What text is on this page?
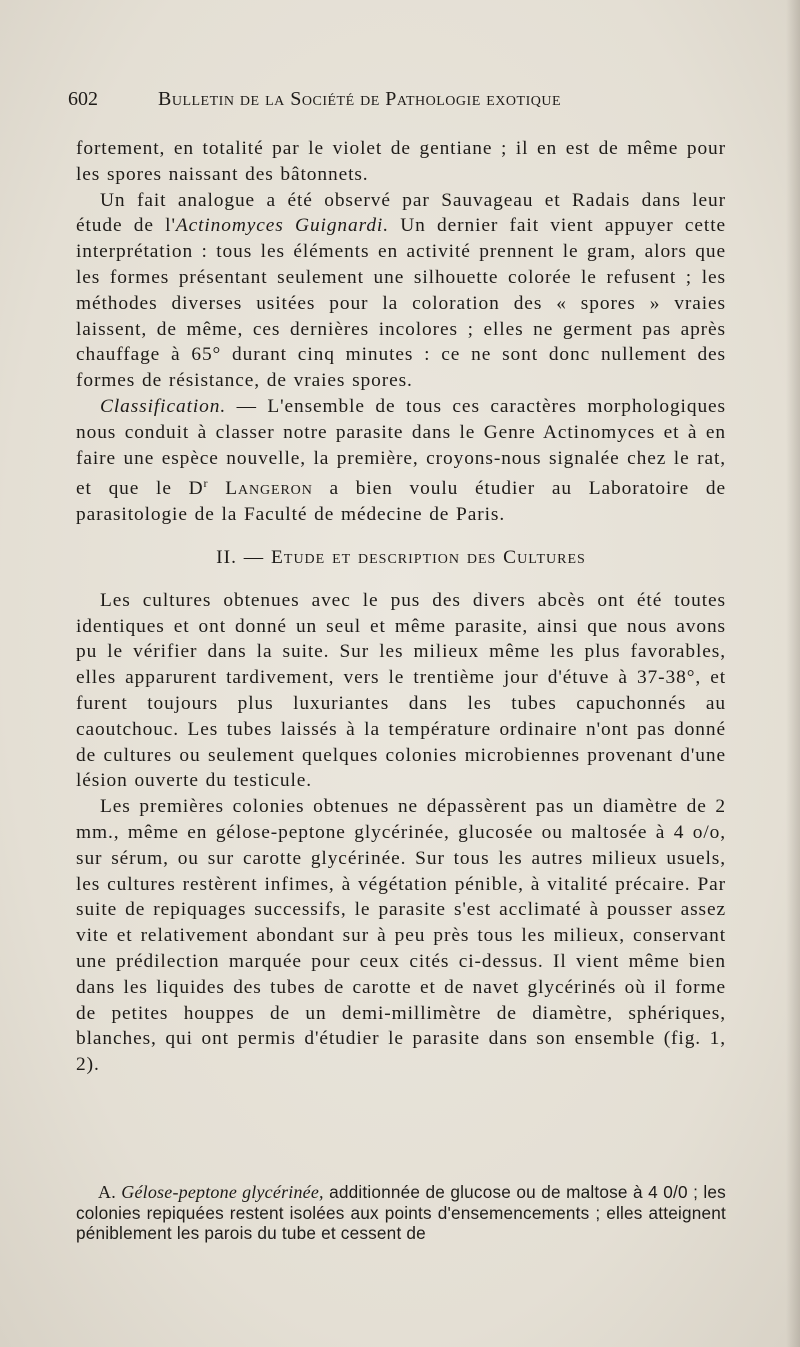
602	Bulletin de la Société de Pathologie exotique

fortement, en totalité par le violet de gentiane ; il en est de même pour les spores naissant des bâtonnets.

Un fait analogue a été observé par Sauvageau et Radais dans leur étude de l'Actinomyces Guignardi. Un dernier fait vient appuyer cette interprétation : tous les éléments en activité prennent le gram, alors que les formes présentant seulement une silhouette colorée le refusent ; les méthodes diverses usitées pour la coloration des « spores » vraies laissent, de même, ces dernières incolores ; elles ne germent pas après chauffage à 65° durant cinq minutes : ce ne sont donc nullement des formes de résistance, de vraies spores.

Classification. — L'ensemble de tous ces caractères morphologiques nous conduit à classer notre parasite dans le Genre Actinomyces et à en faire une espèce nouvelle, la première, croyons-nous signalée chez le rat, et que le $D^r$ Langeron a bien voulu étudier au Laboratoire de parasitologie de la Faculté de médecine de Paris.

II. — Etude et description des Cultures

Les cultures obtenues avec le pus des divers abcès ont été toutes identiques et ont donné un seul et même parasite, ainsi que nous avons pu le vérifier dans la suite. Sur les milieux même les plus favorables, elles apparurent tardivement, vers le trentième jour d'étuve à 37-38°, et furent toujours plus luxuriantes dans les tubes capuchonnés au caoutchouc. Les tubes laissés à la température ordinaire n'ont pas donné de cultures ou seulement quelques colonies microbiennes provenant d'une lésion ouverte du testicule.

Les premières colonies obtenues ne dépassèrent pas un diamètre de 2 mm., même en gélose-peptone glycérinée, glucosée ou maltosée à 4 o/o, sur sérum, ou sur carotte glycérinée. Sur tous les autres milieux usuels, les cultures restèrent infimes, à végétation pénible, à vitalité précaire. Par suite de repiquages successifs, le parasite s'est acclimaté à pousser assez vite et relativement abondant sur à peu près tous les milieux, conservant une prédilection marquée pour ceux cités ci-dessus. Il vient même bien dans les liquides des tubes de carotte et de navet glycérinés où il forme de petites houppes de un demi-millimètre de diamètre, sphériques, blanches, qui ont permis d'étudier le parasite dans son ensemble (fig. 1, 2).

A. Gélose-peptone glycérinée, additionnée de glucose ou de maltose à 4 0/0 ; les colonies repiquées restent isolées aux points d'ensemencements ; elles atteignent péniblement les parois du tube et cessent de
